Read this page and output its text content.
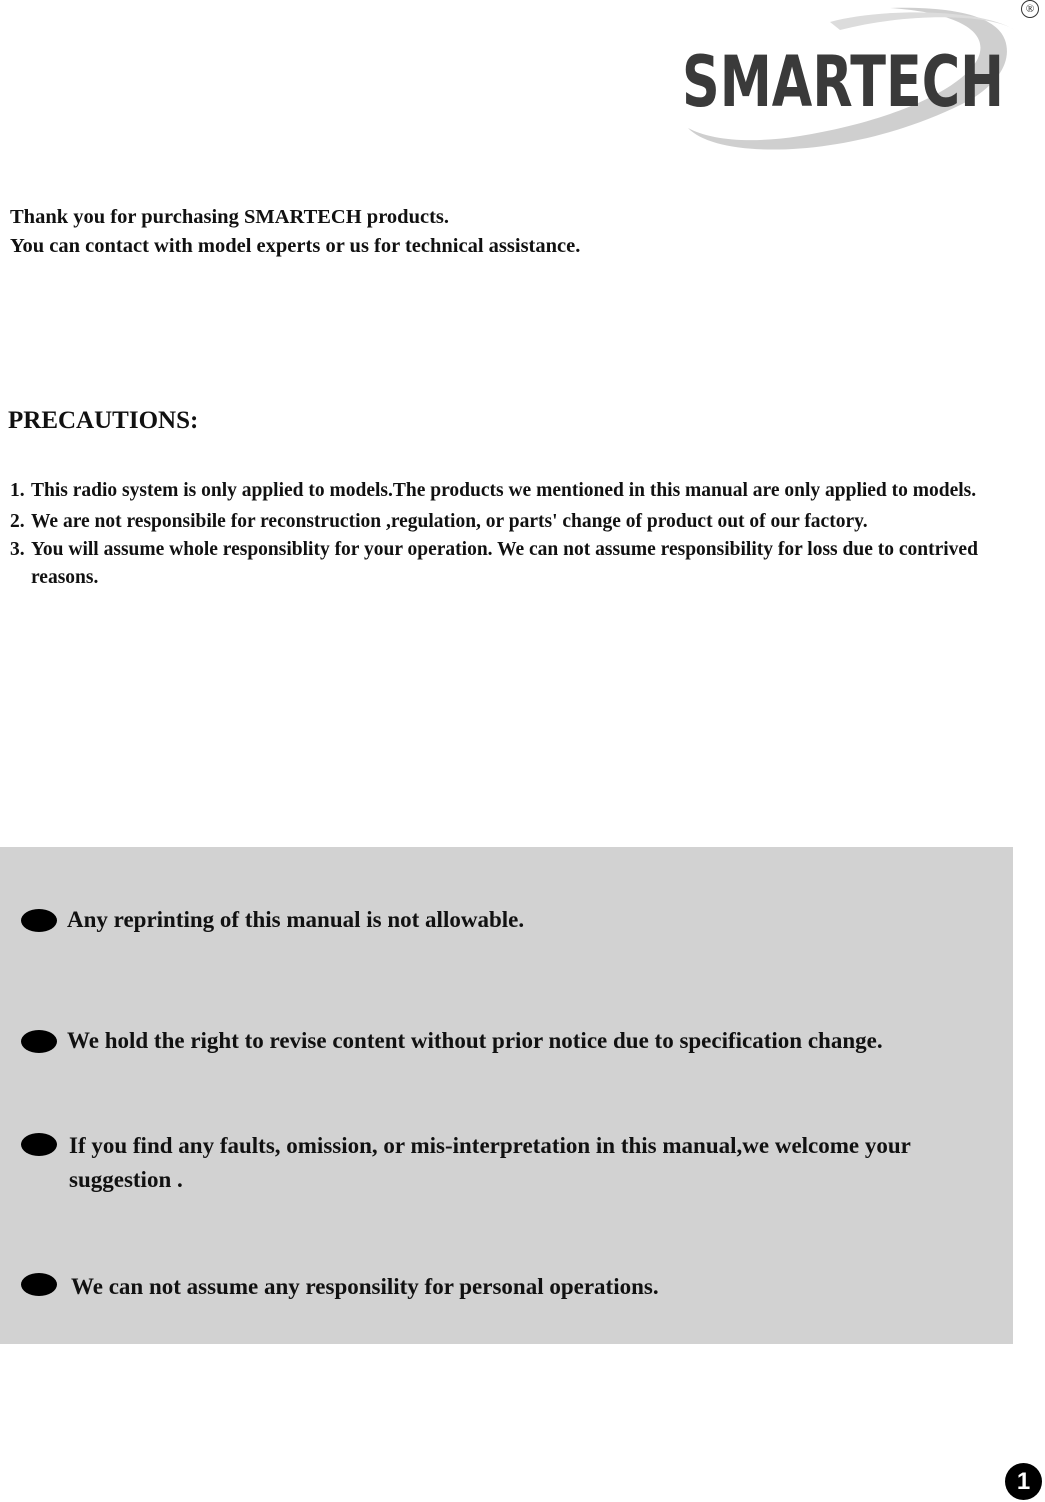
SMARTECH
®
Thank you for purchasing SMARTECH products.
You can contact with model experts or us for technical assistance.
PRECAUTIONS:
1. This radio system is only applied to models.The products we mentioned in this manual are only applied to models.
2. We are not responsibile for reconstruction ,regulation, or parts' change of product out of our factory.
3. You will assume whole responsiblity for your operation. We can not assume responsibility for loss due to contrived reasons.
Any reprinting of this manual is not allowable.
We hold the right to revise content without prior notice due to specification change.
If you find any faults, omission, or mis-interpretation in this manual,we welcome your suggestion .
We can not assume any responsility for personal operations.
1
